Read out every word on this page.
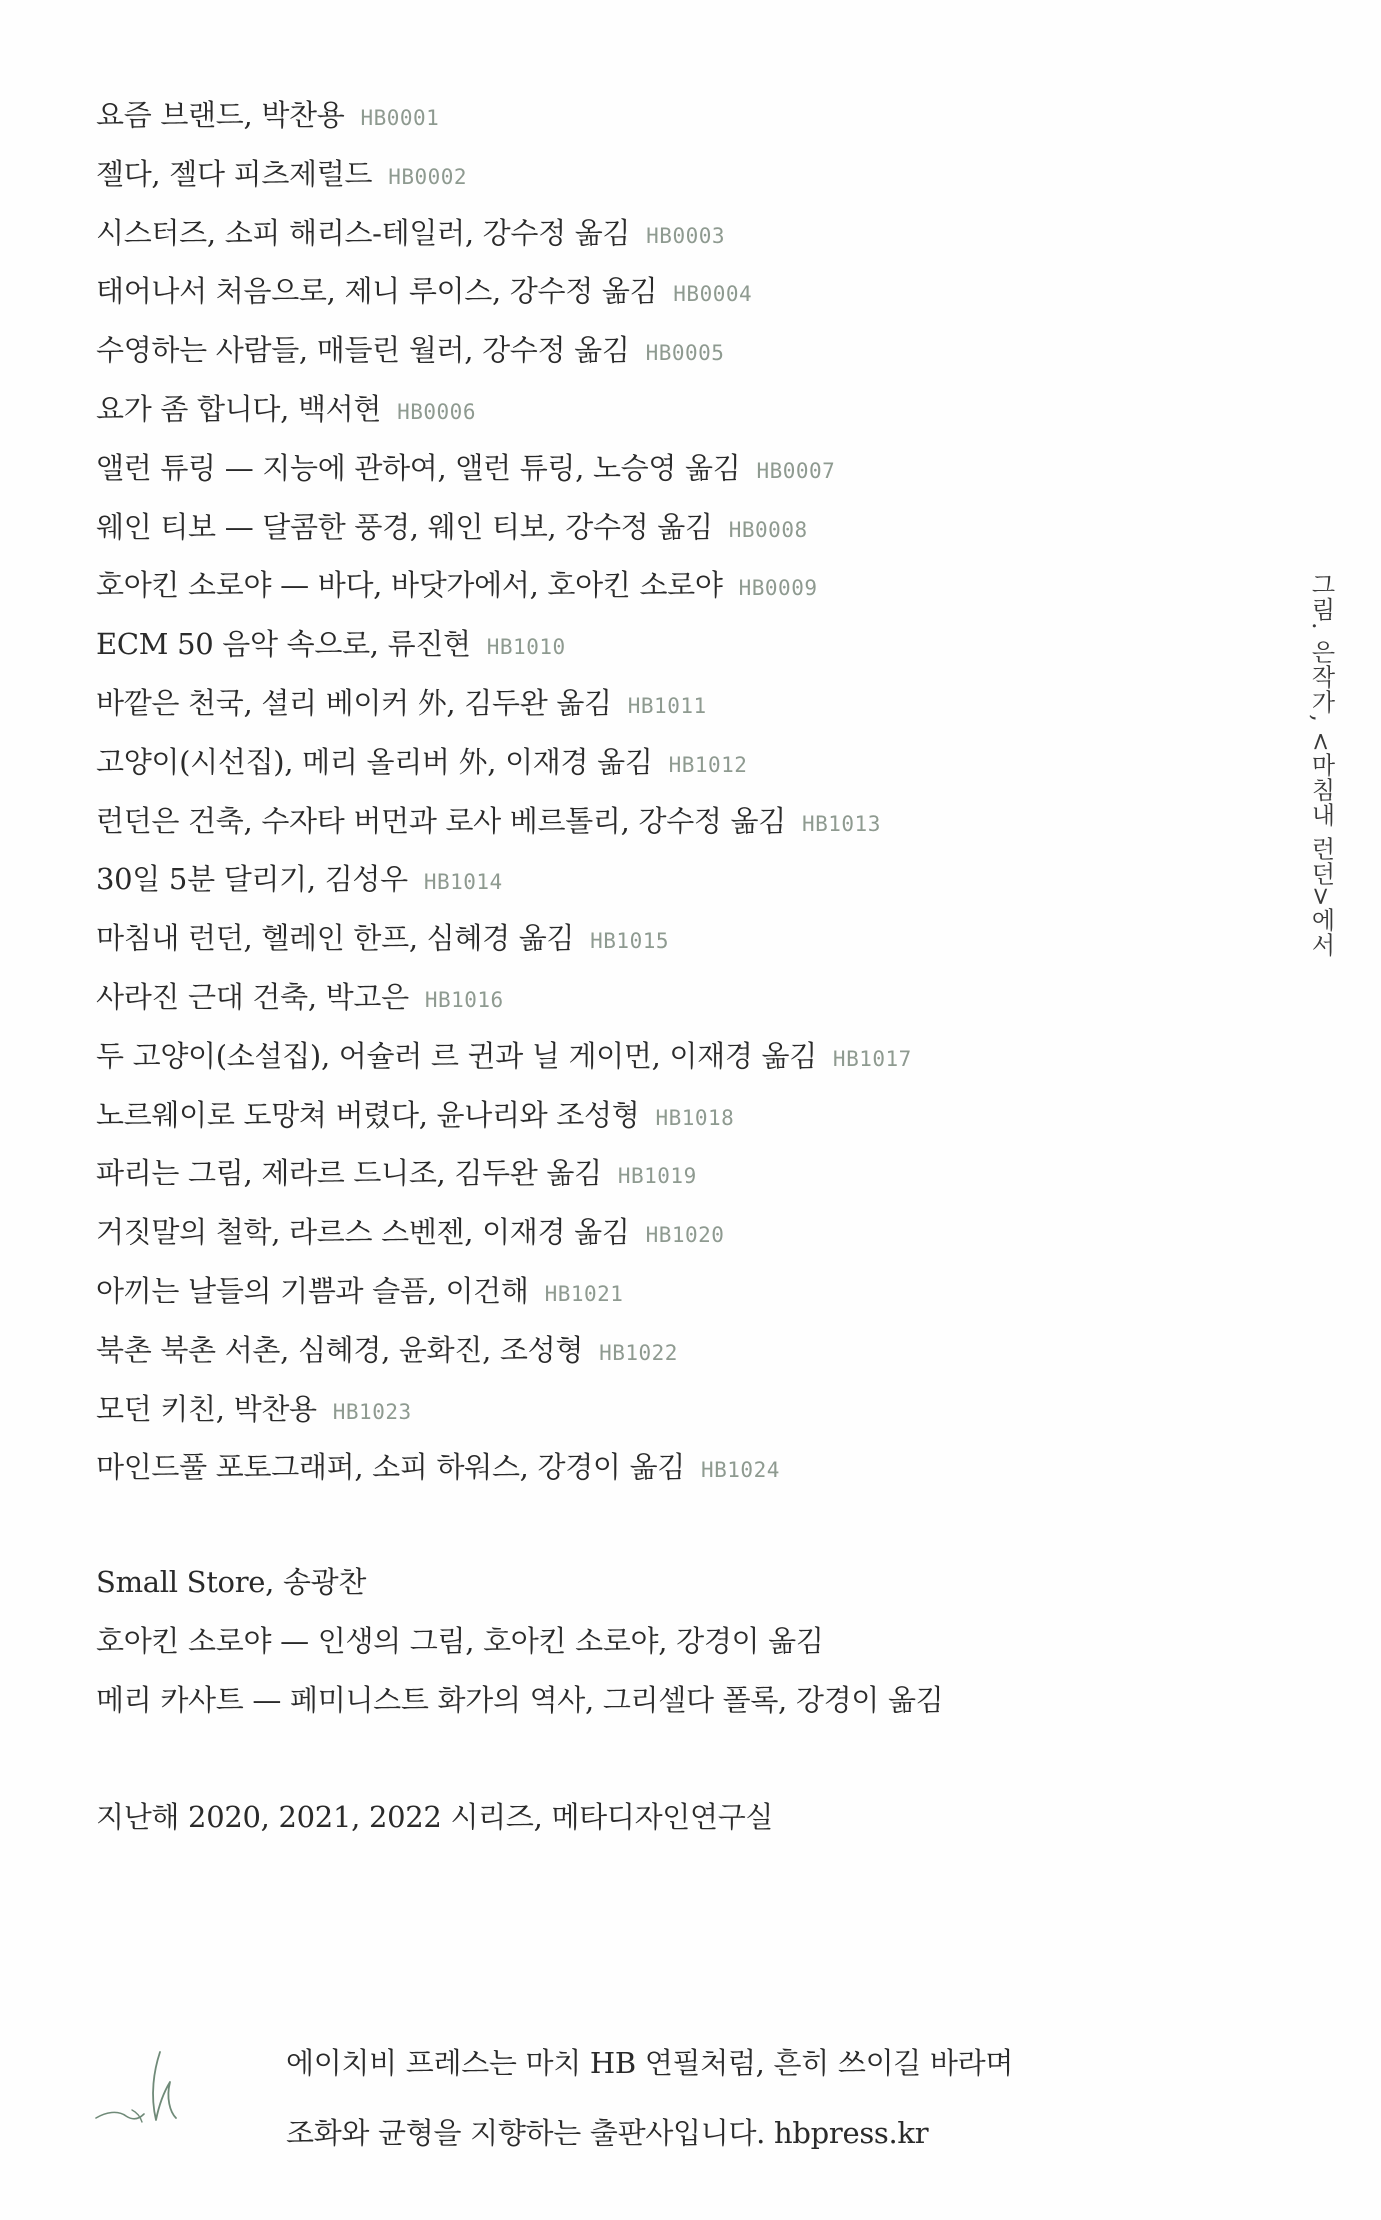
요즘 브랜드, 박찬용 HB0001
젤다, 젤다 피츠제럴드 HB0002
시스터즈, 소피 해리스-테일러, 강수정 옮김 HB0003
태어나서 처음으로, 제니 루이스, 강수정 옮김 HB0004
수영하는 사람들, 매들린 월러, 강수정 옮김 HB0005
요가 좀 합니다, 백서현 HB0006
앨런 튜링 — 지능에 관하여, 앨런 튜링, 노승영 옮김 HB0007
웨인 티보 — 달콤한 풍경, 웨인 티보, 강수정 옮김 HB0008
호아킨 소로야 — 바다, 바닷가에서, 호아킨 소로야 HB0009
ECM 50 음악 속으로, 류진현 HB1010
바깥은 천국, 셜리 베이커 外, 김두완 옮김 HB1011
고양이(시선집), 메리 올리버 外, 이재경 옮김 HB1012
런던은 건축, 수자타 버먼과 로사 베르톨리, 강수정 옮김 HB1013
30일 5분 달리기, 김성우 HB1014
마침내 런던, 헬레인 한프, 심혜경 옮김 HB1015
사라진 근대 건축, 박고은 HB1016
두 고양이(소설집), 어슐러 르 귄과 닐 게이먼, 이재경 옮김 HB1017
노르웨이로 도망쳐 버렸다, 윤나리와 조성형 HB1018
파리는 그림, 제라르 드니조, 김두완 옮김 HB1019
거짓말의 철학, 라르스 스벤젠, 이재경 옮김 HB1020
아끼는 날들의 기쁨과 슬픔, 이건해 HB1021
북촌 북촌 서촌, 심혜경, 윤화진, 조성형 HB1022
모던 키친, 박찬용 HB1023
마인드풀 포토그래퍼, 소피 하워스, 강경이 옮김 HB1024
Small Store, 송광찬
호아킨 소로야 — 인생의 그림, 호아킨 소로야, 강경이 옮김
메리 카사트 — 페미니스트 화가의 역사, 그리셀다 폴록, 강경이 옮김

지난해 2020, 2021, 2022 시리즈, 메타디자인연구실

그림. 은작가, <마침내 런던>에서

에이치비 프레스는 마치 HB 연필처럼, 흔히 쓰이길 바라며

조화와 균형을 지향하는 출판사입니다. hbpress.kr
